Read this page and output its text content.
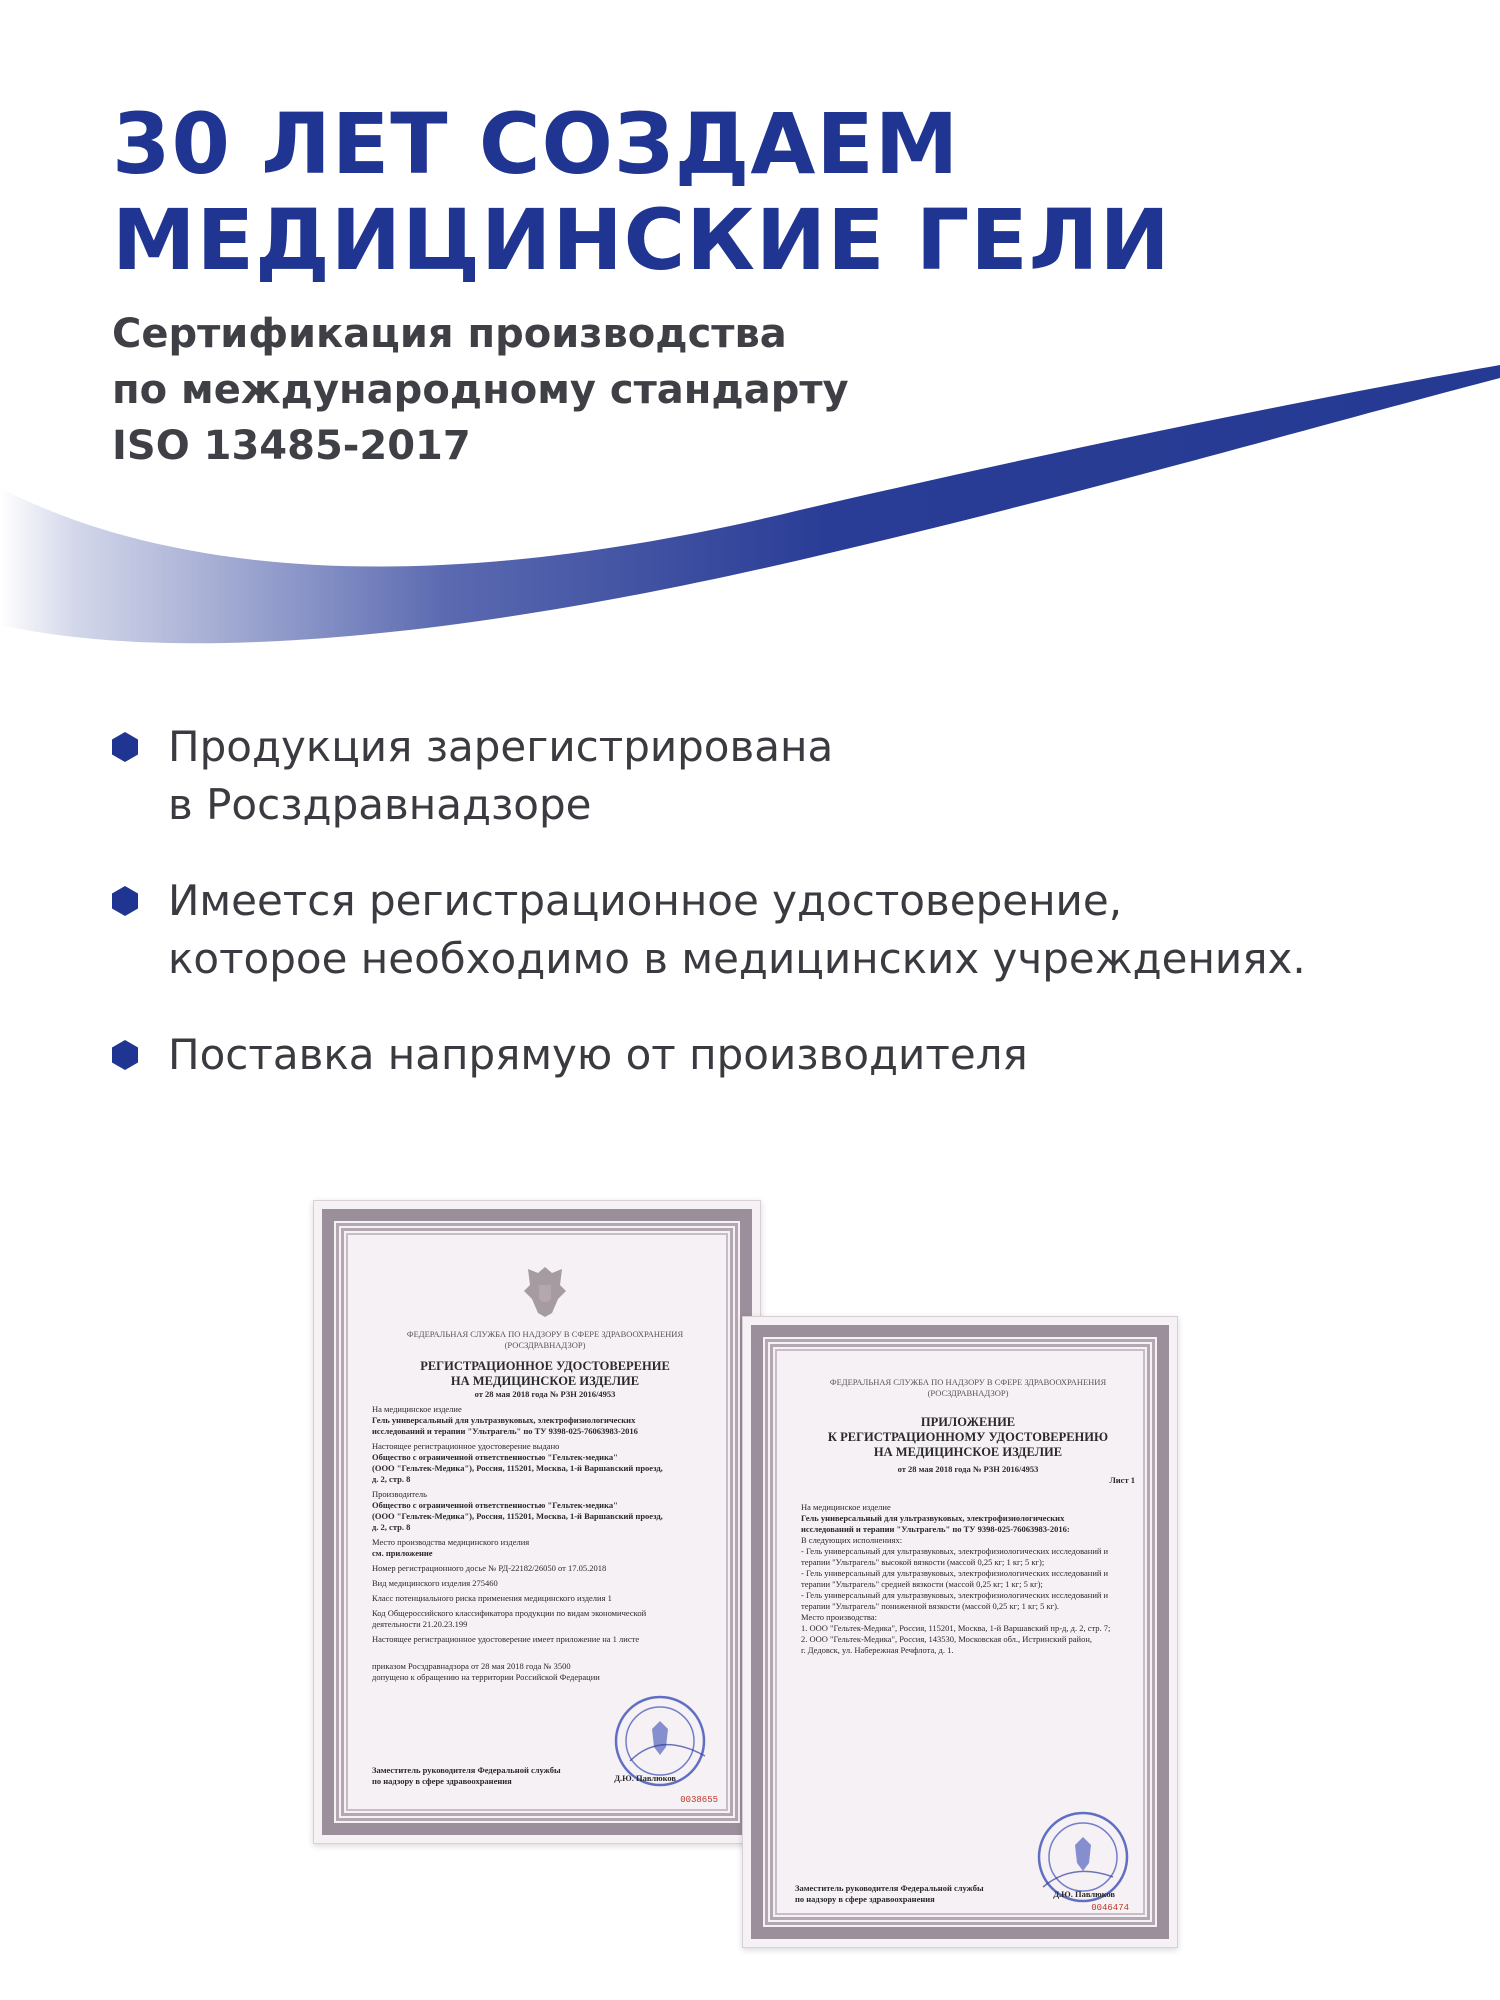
30 ЛЕТ СОЗДАЕМ
МЕДИЦИНСКИЕ ГЕЛИ
Сертификация производства
по международному стандарту
ISO 13485-2017
Продукция зарегистрирована
в Росздравнадзоре
Имеется регистрационное удостоверение,
которое необходимо в медицинских учреждениях.
Поставка напрямую от производителя
ФЕДЕРАЛЬНАЯ СЛУЖБА ПО НАДЗОРУ В СФЕРЕ ЗДРАВООХРАНЕНИЯ
(РОСЗДРАВНАДЗОР)
РЕГИСТРАЦИОННОЕ УДОСТОВЕРЕНИЕ
НА МЕДИЦИНСКОЕ ИЗДЕЛИЕ
от 28 мая 2018 года № РЗН 2016/4953
На медицинское изделие
Гель универсальный для ультразвуковых, электрофизиологических
исследований и терапии "Ультрагель" по ТУ 9398-025-76063983-2016
Настоящее регистрационное удостоверение выдано
Общество с ограниченной ответственностью "Гельтек-медика"
(ООО "Гельтек-Медика"), Россия, 115201, Москва, 1-й Варшавский проезд,
д. 2, стр. 8
Производитель
Общество с ограниченной ответственностью "Гельтек-медика"
(ООО "Гельтек-Медика"), Россия, 115201, Москва, 1-й Варшавский проезд,
д. 2, стр. 8
Место производства медицинского изделия
см. приложение
Номер регистрационного досье № РД-22182/26050 от 17.05.2018
Вид медицинского изделия 275460
Класс потенциального риска применения медицинского изделия 1
Код Общероссийского классификатора продукции по видам экономической
деятельности 21.20.23.199
Настоящее регистрационное удостоверение имеет приложение на 1 листе
приказом Росздравнадзора от 28 мая 2018 года № 3500
допущено к обращению на территории Российской Федерации
Заместитель руководителя Федеральной службы
по надзору в сфере здравоохранения	Д.Ю. Павлюков
0038655
ФЕДЕРАЛЬНАЯ СЛУЖБА ПО НАДЗОРУ В СФЕРЕ ЗДРАВООХРАНЕНИЯ
(РОСЗДРАВНАДЗОР)
ПРИЛОЖЕНИЕ
К РЕГИСТРАЦИОННОМУ УДОСТОВЕРЕНИЮ
НА МЕДИЦИНСКОЕ ИЗДЕЛИЕ
от 28 мая 2018 года № РЗН 2016/4953
Лист 1
На медицинское изделие
Гель универсальный для ультразвуковых, электрофизиологических
исследований и терапии "Ультрагель" по ТУ 9398-025-76063983-2016:
В следующих исполнениях:
- Гель универсальный для ультразвуковых, электрофизиологических исследований и
терапии "Ультрагель" высокой вязкости (массой 0,25 кг; 1 кг; 5 кг);
- Гель универсальный для ультразвуковых, электрофизиологических исследований и
терапии "Ультрагель" средней вязкости (массой 0,25 кг; 1 кг; 5 кг);
- Гель универсальный для ультразвуковых, электрофизиологических исследований и
терапии "Ультрагель" пониженной вязкости (массой 0,25 кг; 1 кг; 5 кг).
Место производства:
1. ООО "Гельтек-Медика", Россия, 115201, Москва, 1-й Варшавский пр-д, д. 2, стр. 7;
2. ООО "Гельтек-Медика", Россия, 143530, Московская обл., Истринский район,
г. Дедовск, ул. Набережная Речфлота, д. 1.
Заместитель руководителя Федеральной службы
по надзору в сфере здравоохранения	Д.Ю. Павлюков
0046474
